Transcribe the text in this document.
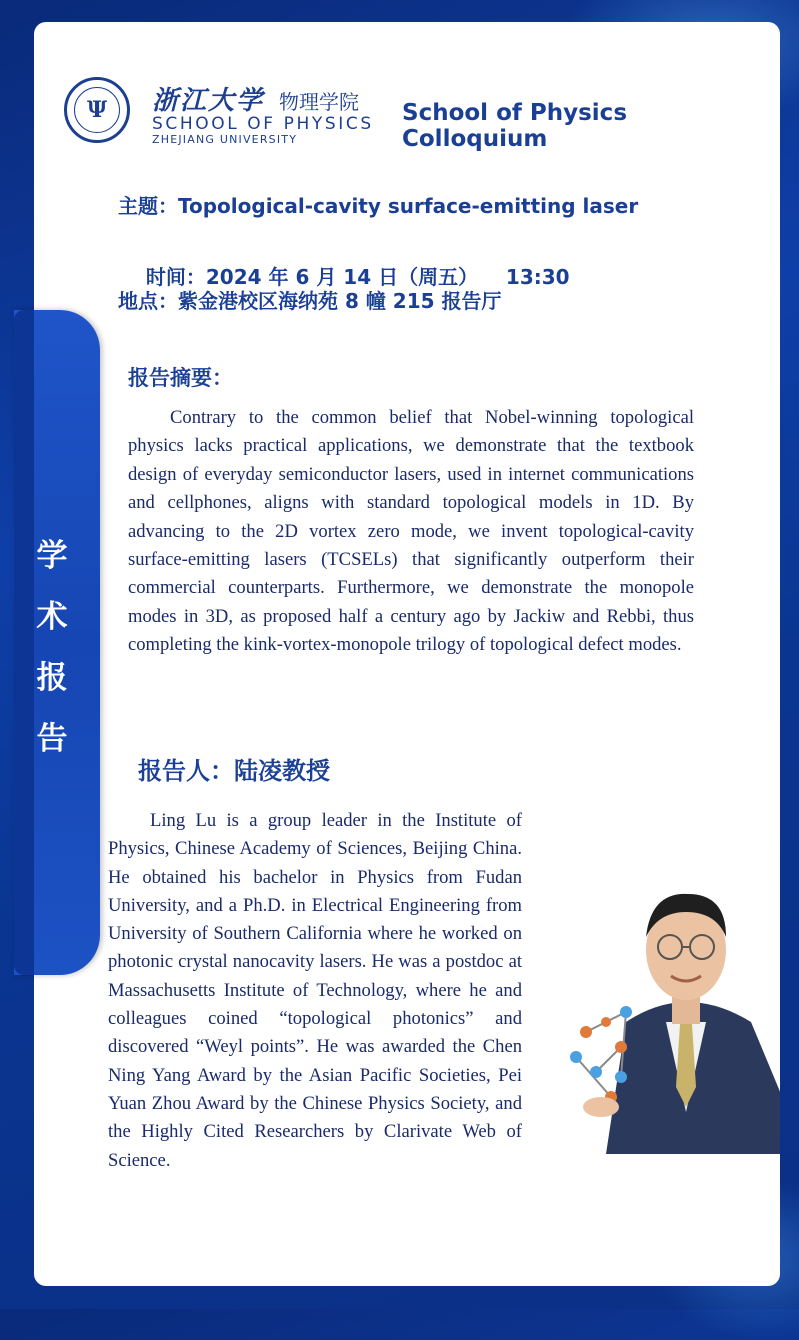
Ψ	浙江大学 物理学院
SCHOOL OF PHYSICS
ZHEJIANG UNIVERSITY
School of Physics Colloquium
主题：Topological-cavity surface-emitting laser

时间：2024 年 6 月 14 日（周五）    13:30

地点：紫金港校区海纳苑 8 幢 215 报告厅
报告摘要：

Contrary to the common belief that Nobel-winning topological physics lacks practical applications, we demonstrate that the textbook design of everyday semiconductor lasers, used in internet communications and cellphones, aligns with standard topological models in 1D. By advancing to the 2D vortex zero mode, we invent topological-cavity surface-emitting lasers (TCSELs) that significantly outperform their commercial counterparts. Furthermore, we demonstrate the monopole modes in 3D, as proposed half a century ago by Jackiw and Rebbi, thus completing the kink-vortex-monopole trilogy of topological defect modes.

报告人：陆凌教授

Ling Lu is a group leader in the Institute of Physics, Chinese Academy of Sciences, Beijing China. He obtained his bachelor in Physics from Fudan University, and a Ph.D. in Electrical Engineering from University of Southern California where he worked on photonic crystal nanocavity lasers. He was a postdoc at Massachusetts Institute of Technology, where he and colleagues coined “topological photonics” and discovered “Weyl points”. He was awarded the Chen Ning Yang Award by the Asian Pacific Societies, Pei Yuan Zhou Award by the Chinese Physics Society, and the Highly Cited Researchers by Clarivate Web of Science.

学
术
报
告
